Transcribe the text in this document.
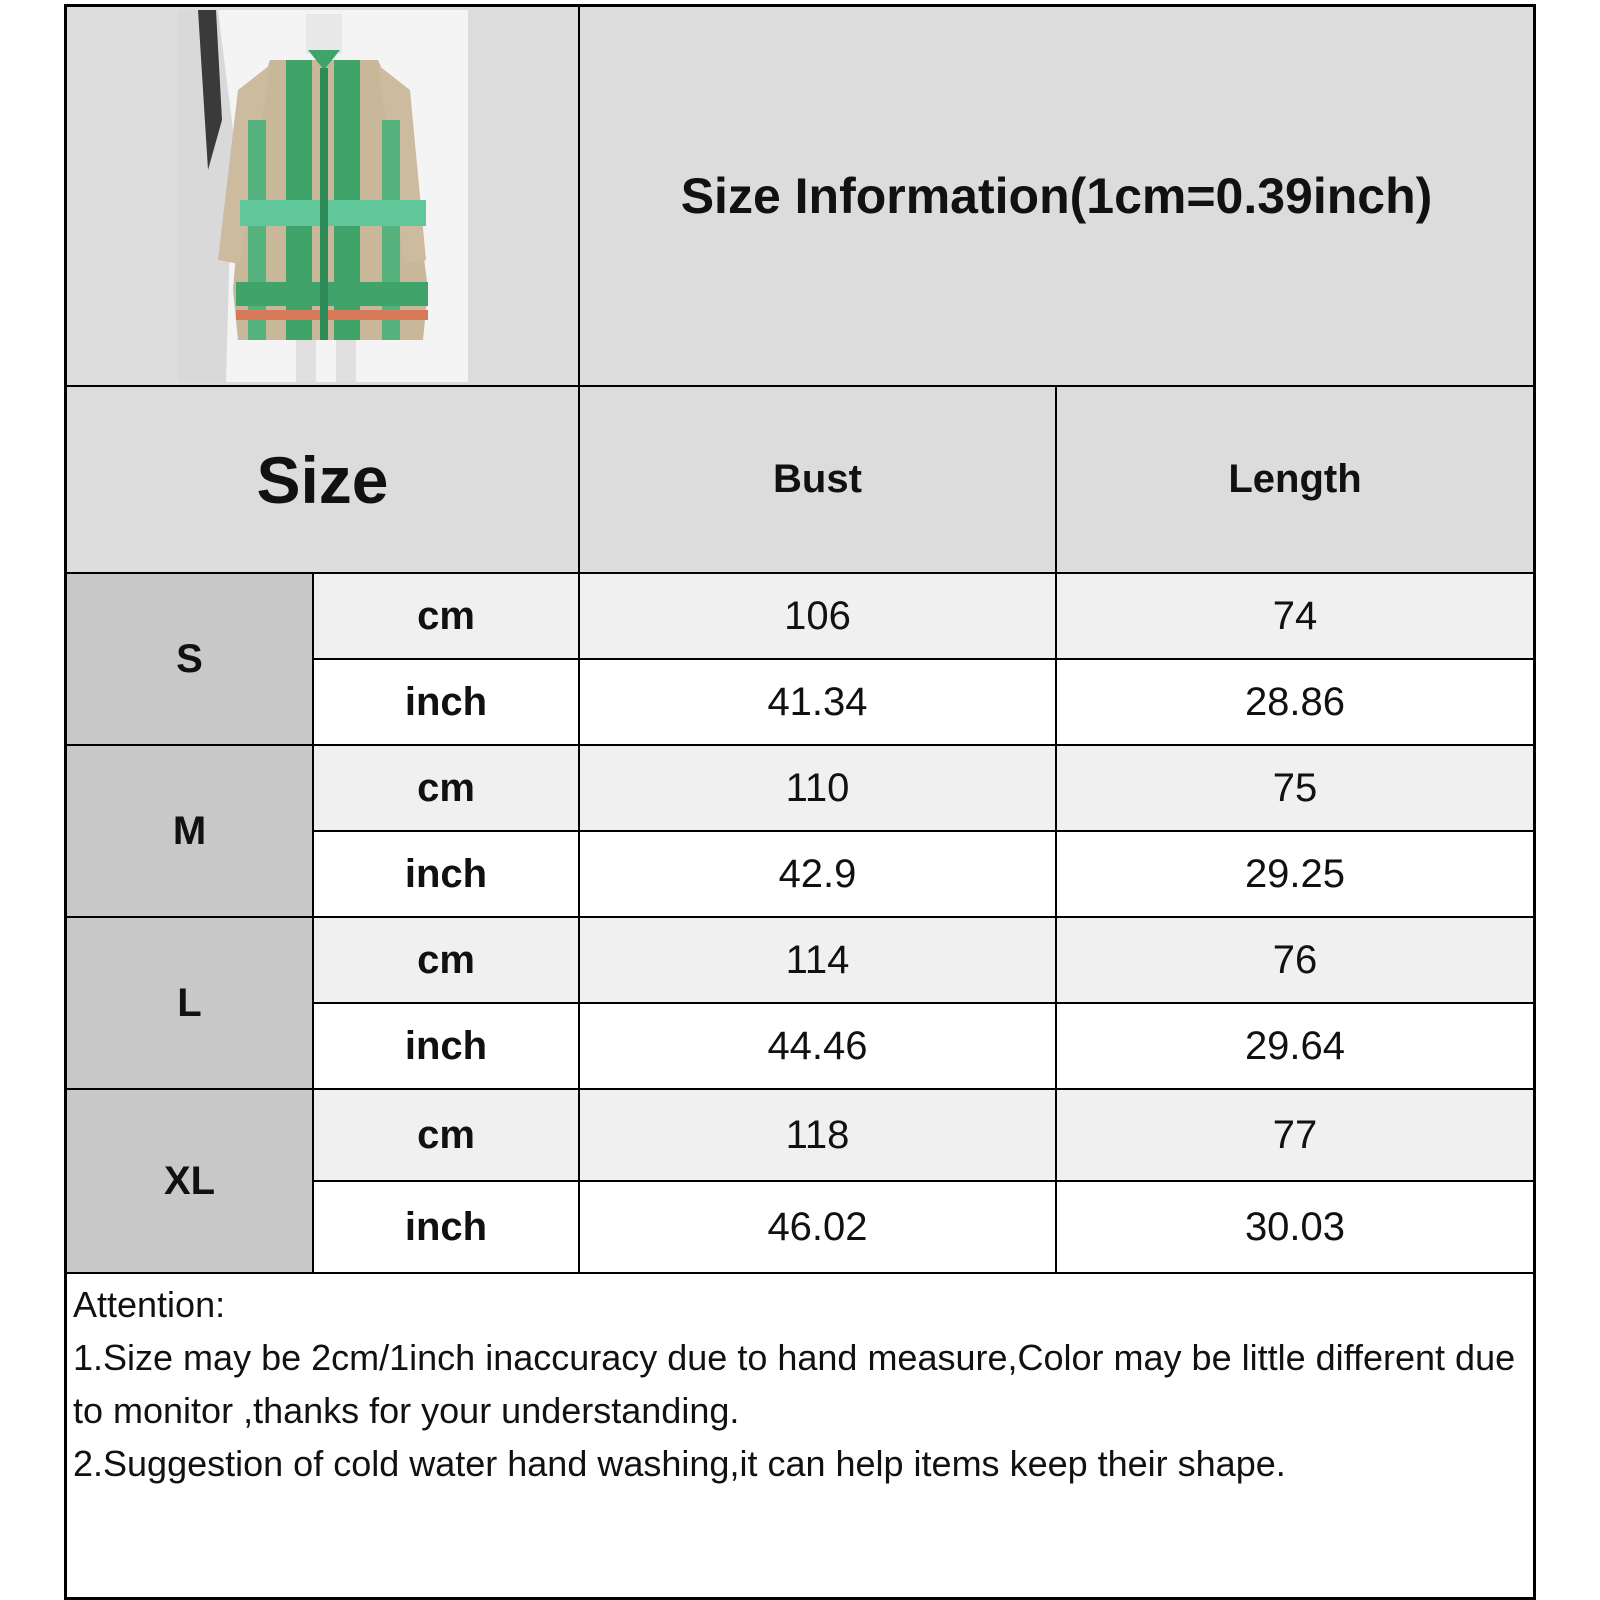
Size Information(1cm=0.39inch)
Size	Bust	Length
S
cm	106	74
inch	41.34	28.86
M
cm	110	75
inch	42.9	29.25
L
cm	114	76
inch	44.46	29.64
XL
cm	118	77
inch	46.02	30.03

Attention:

1.Size may be 2cm/1inch inaccuracy due to hand measure,Color may be little different due to monitor ,thanks for your understanding.

2.Suggestion of cold water hand washing,it can help items keep their shape.
